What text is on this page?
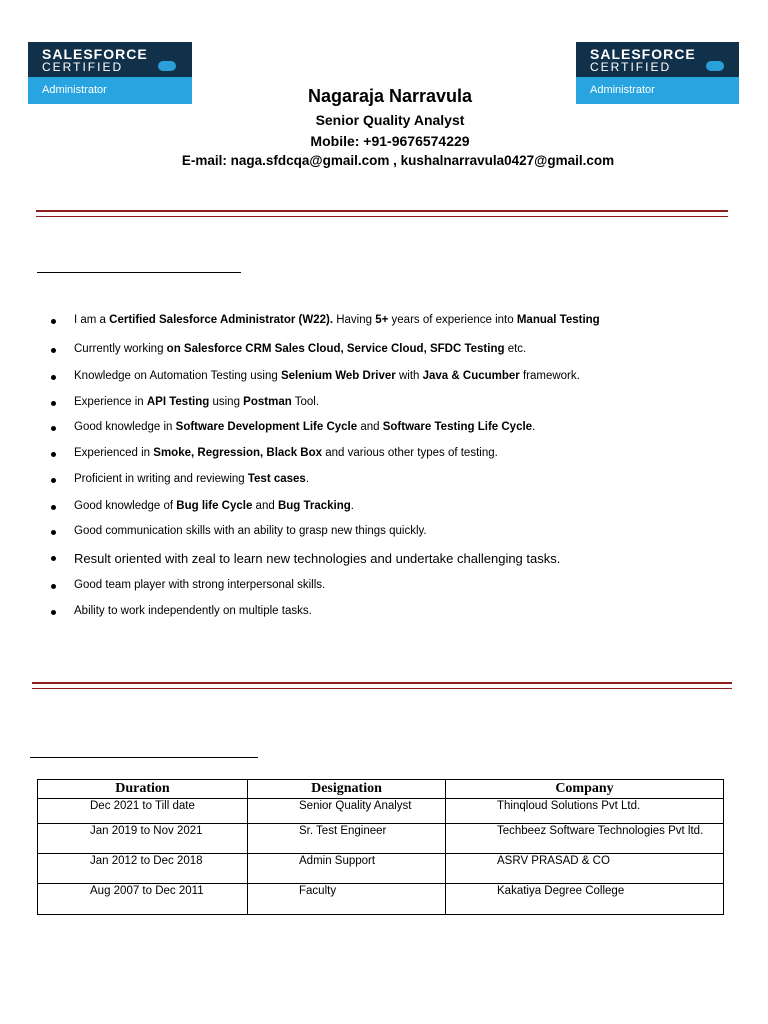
SALESFORCE
CERTIFIED
Administrator
SALESFORCE
CERTIFIED
Administrator
Nagaraja Narravula
Senior Quality Analyst
Mobile: +91-9676574229
E-mail: naga.sfdcqa@gmail.com , kushalnarravula0427@gmail.com
I am a Certified Salesforce Administrator (W22). Having 5+ years of experience into Manual Testing
Currently working on Salesforce CRM Sales Cloud, Service Cloud, SFDC Testing etc.
Knowledge on Automation Testing using Selenium Web Driver with Java & Cucumber framework.
Experience in API Testing using Postman Tool.
Good knowledge in Software Development Life Cycle and Software Testing Life Cycle.
Experienced in Smoke, Regression, Black Box and various other types of testing.
Proficient in writing and reviewing Test cases.
Good knowledge of Bug life Cycle and Bug Tracking.
Good communication skills with an ability to grasp new things quickly.
Result oriented with zeal to learn new technologies and undertake challenging tasks.
Good team player with strong interpersonal skills.
Ability to work independently on multiple tasks.
Duration	Designation	Company
Dec 2021 to Till date	Senior Quality Analyst	Thinqloud Solutions Pvt Ltd.
Jan 2019 to Nov 2021	Sr. Test Engineer	Techbeez Software Technologies Pvt ltd.
Jan 2012 to Dec 2018	Admin Support	ASRV PRASAD & CO
Aug 2007 to Dec 2011	Faculty	Kakatiya Degree College
